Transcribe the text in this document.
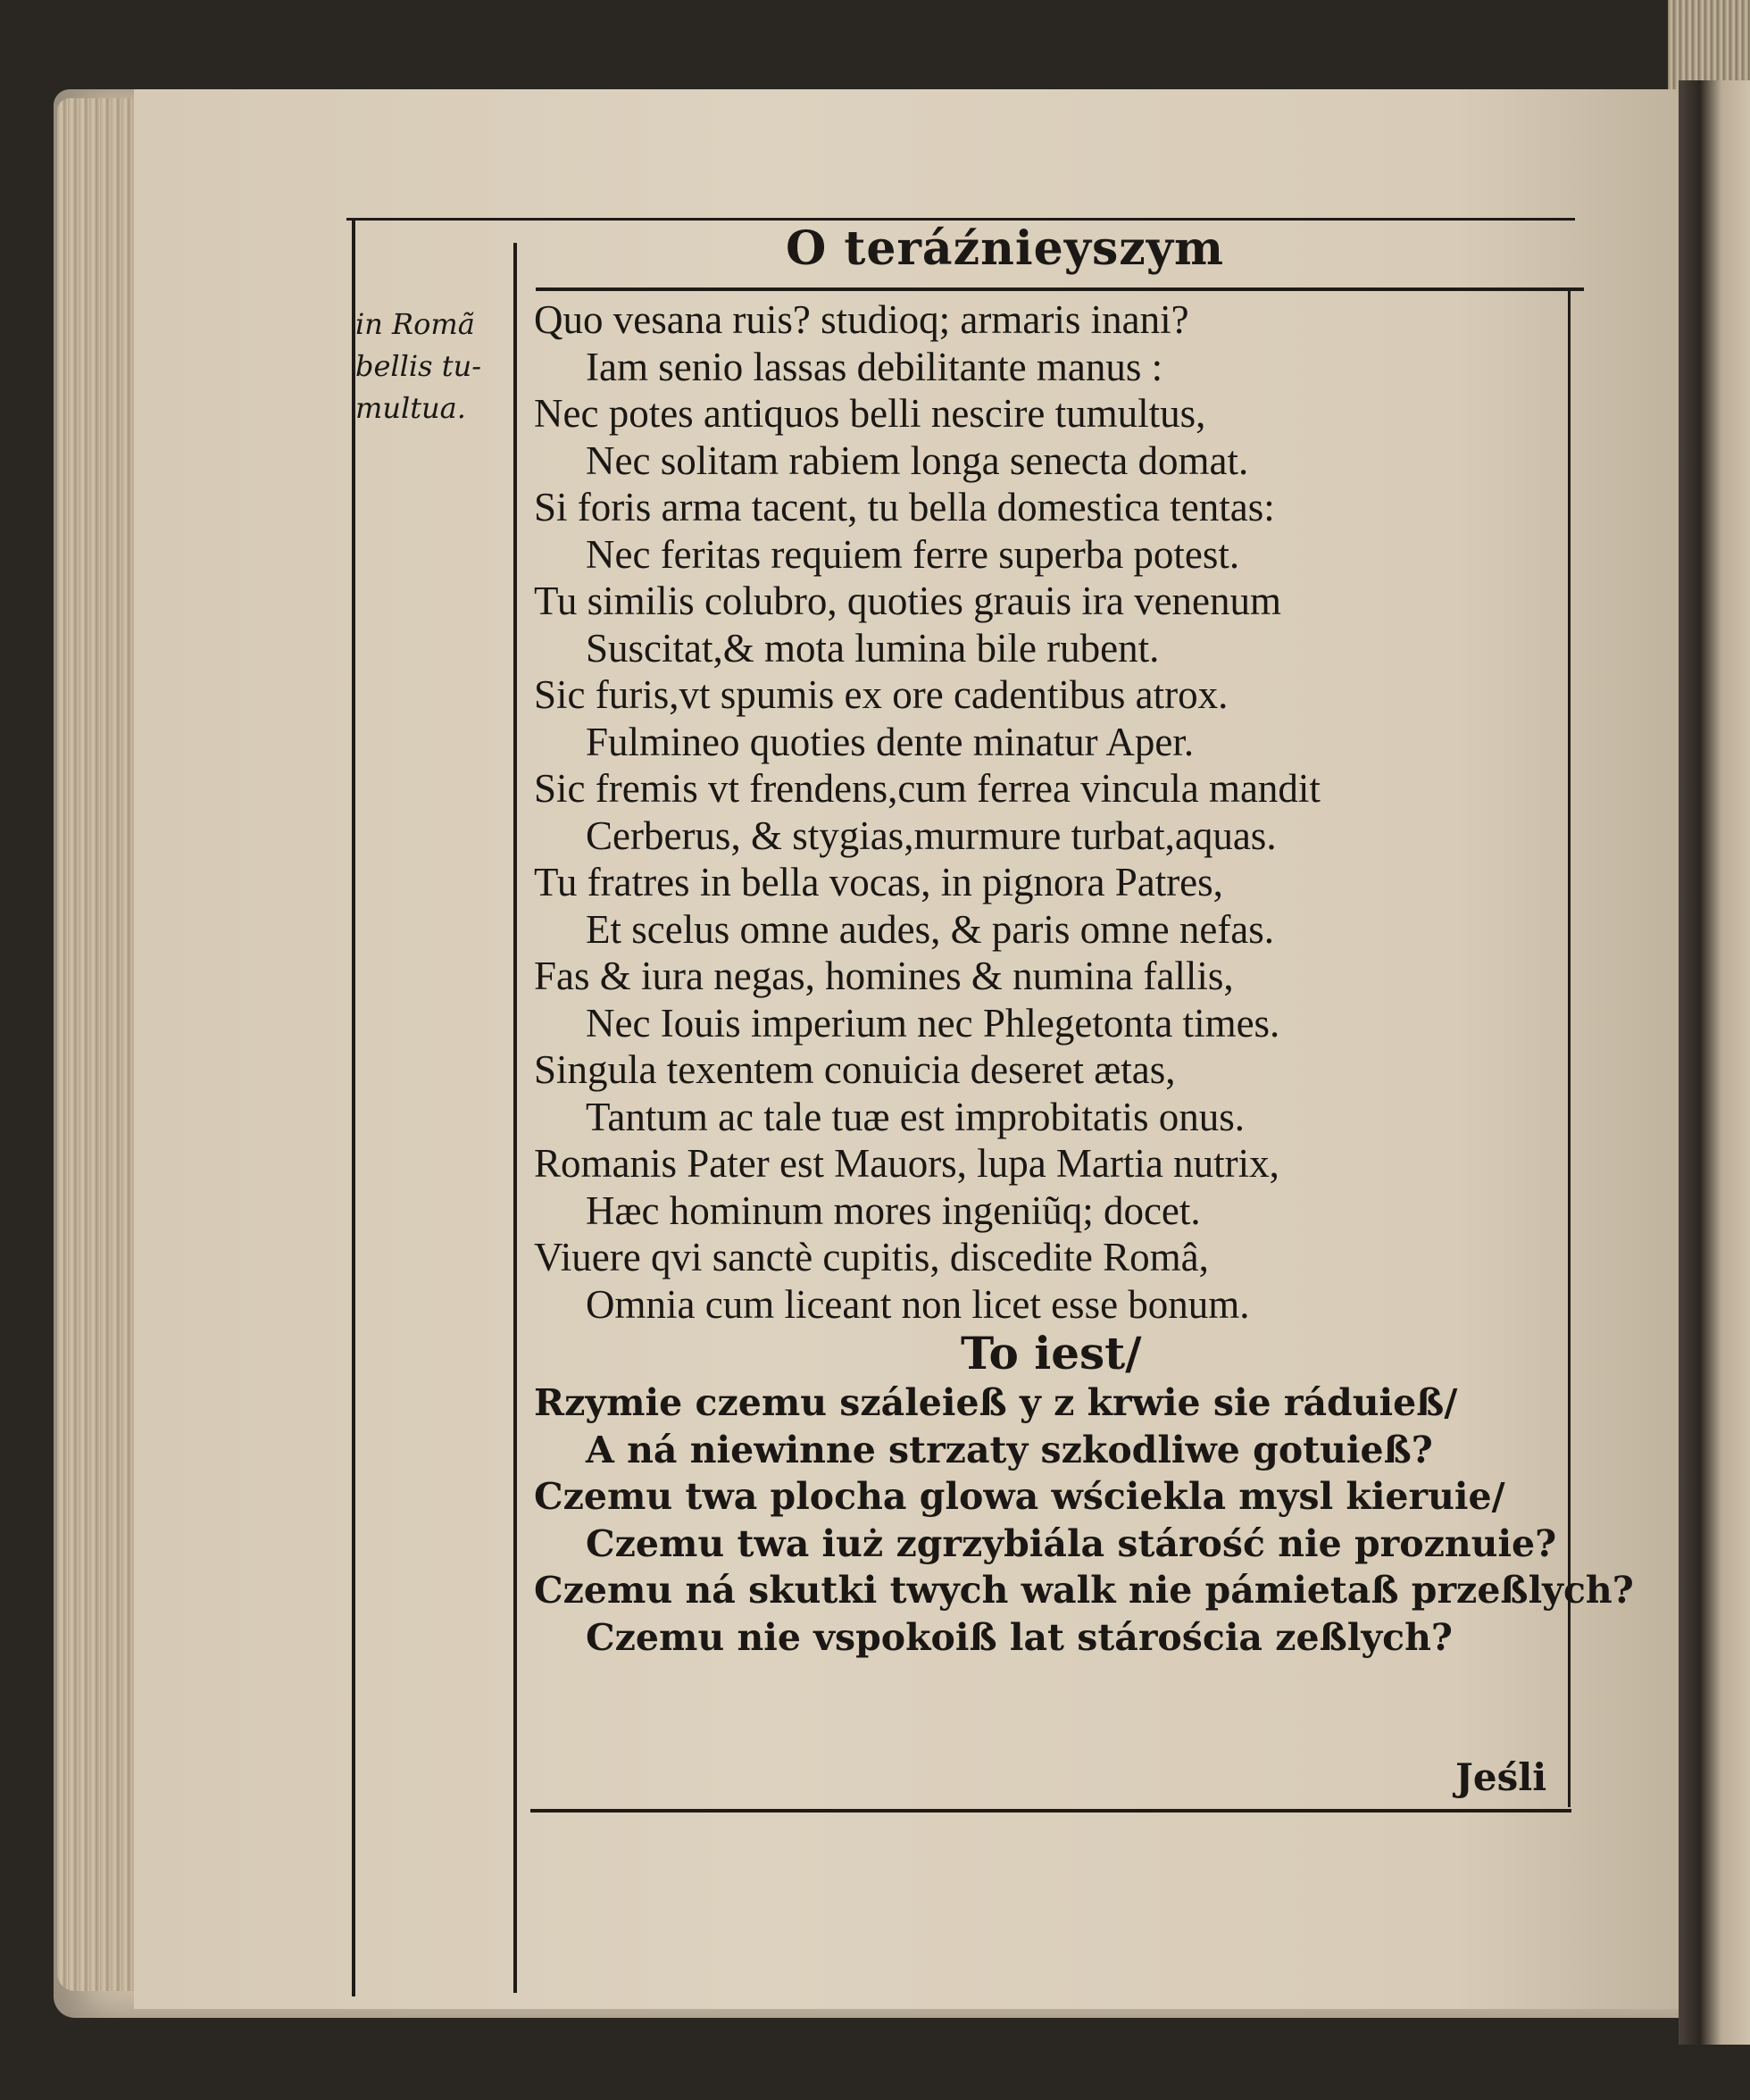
O teráźnieyszym
in Romã
bellis tu-
multua.
Quo vesana ruis? studioq; armaris inani?
Iam senio lassas debilitante manus :
Nec potes antiquos belli nescire tumultus,
Nec solitam rabiem longa senecta domat.
Si foris arma tacent, tu bella domestica tentas:
Nec feritas requiem ferre superba potest.
Tu similis colubro, quoties grauis ira venenum
Suscitat,& mota lumina bile rubent.
Sic furis,vt spumis ex ore cadentibus atrox.
Fulmineo quoties dente minatur Aper.
Sic fremis vt frendens,cum ferrea vincula mandit
Cerberus, & stygias,murmure turbat,aquas.
Tu fratres in bella vocas, in pignora Patres,
Et scelus omne audes, & paris omne nefas.
Fas & iura negas, homines & numina fallis,
Nec Iouis imperium nec Phlegetonta times.
Singula texentem conuicia deseret ætas,
Tantum ac tale tuæ est improbitatis onus.
Romanis Pater est Mauors, lupa Martia nutrix,
Hæc hominum mores ingeniũq; docet.
Viuere qvi sanctè cupitis, discedite Româ,
Omnia cum liceant non licet esse bonum.
To iest/
Rzymie czemu száleieß y z krwie sie ráduieß/
A ná niewinne strzaty szkodliwe gotuieß?
Czemu twa plocha glowa wściekla mysl kieruie/
Czemu twa iuż zgrzybiála stárość nie proznuie?
Czemu ná skutki twych walk nie pámietaß przeßlych?
Czemu nie vspokoiß lat stárościa zeßlych?
Jeśli
